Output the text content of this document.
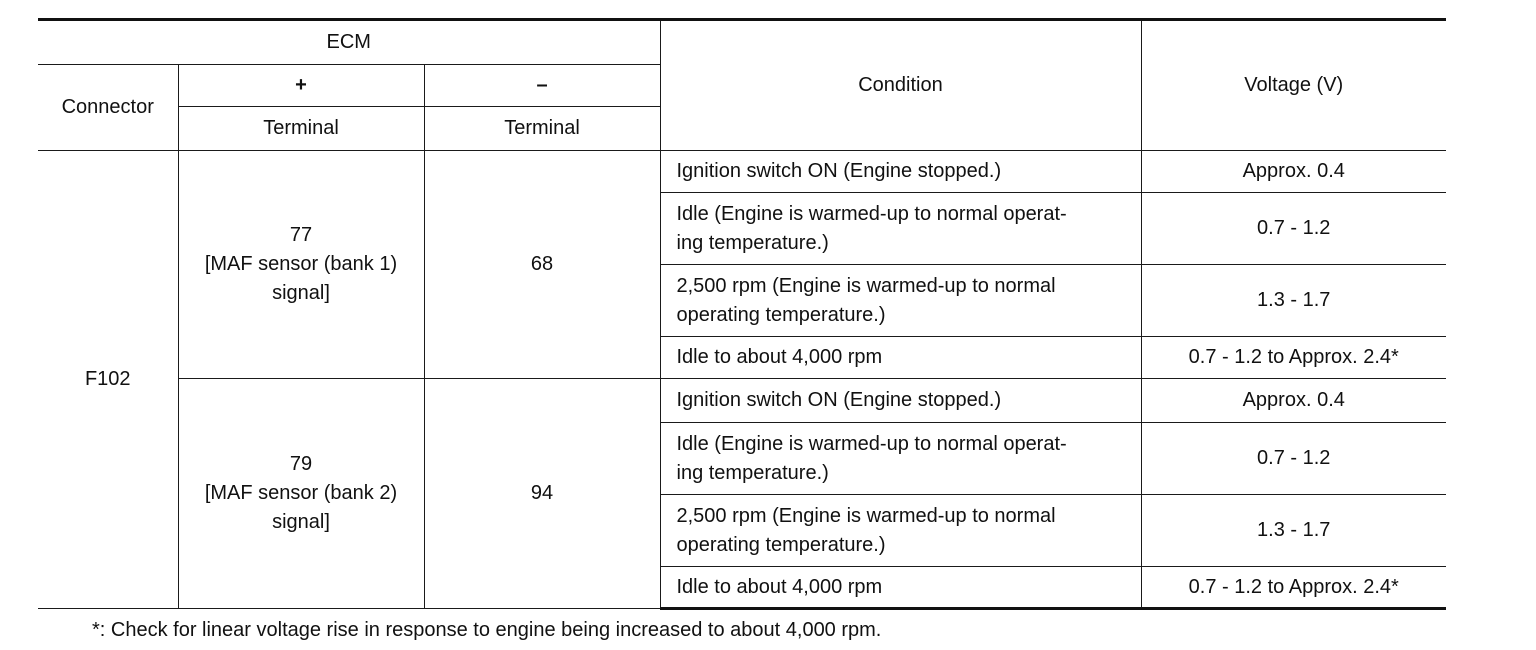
ECM			Condition	Voltage (V)
Connector	+	–		
	Terminal	Terminal		
F102	77
[MAF sensor (bank 1)
signal]	68	Ignition switch ON (Engine stopped.)	Approx. 0.4

			Idle (Engine is warmed-up to normal operat-
ing temperature.)	0.7 - 1.2

			2,500 rpm (Engine is warmed-up to normal
operating temperature.)	1.3 - 1.7

			Idle to about 4,000 rpm	0.7 - 1.2 to Approx. 2.4*

	79
[MAF sensor (bank 2)
signal]	94	Ignition switch ON (Engine stopped.)	Approx. 0.4

			Idle (Engine is warmed-up to normal operat-
ing temperature.)	0.7 - 1.2

			2,500 rpm (Engine is warmed-up to normal
operating temperature.)	1.3 - 1.7

			Idle to about 4,000 rpm	0.7 - 1.2 to Approx. 2.4*
*: Check for linear voltage rise in response to engine being increased to about 4,000 rpm.
